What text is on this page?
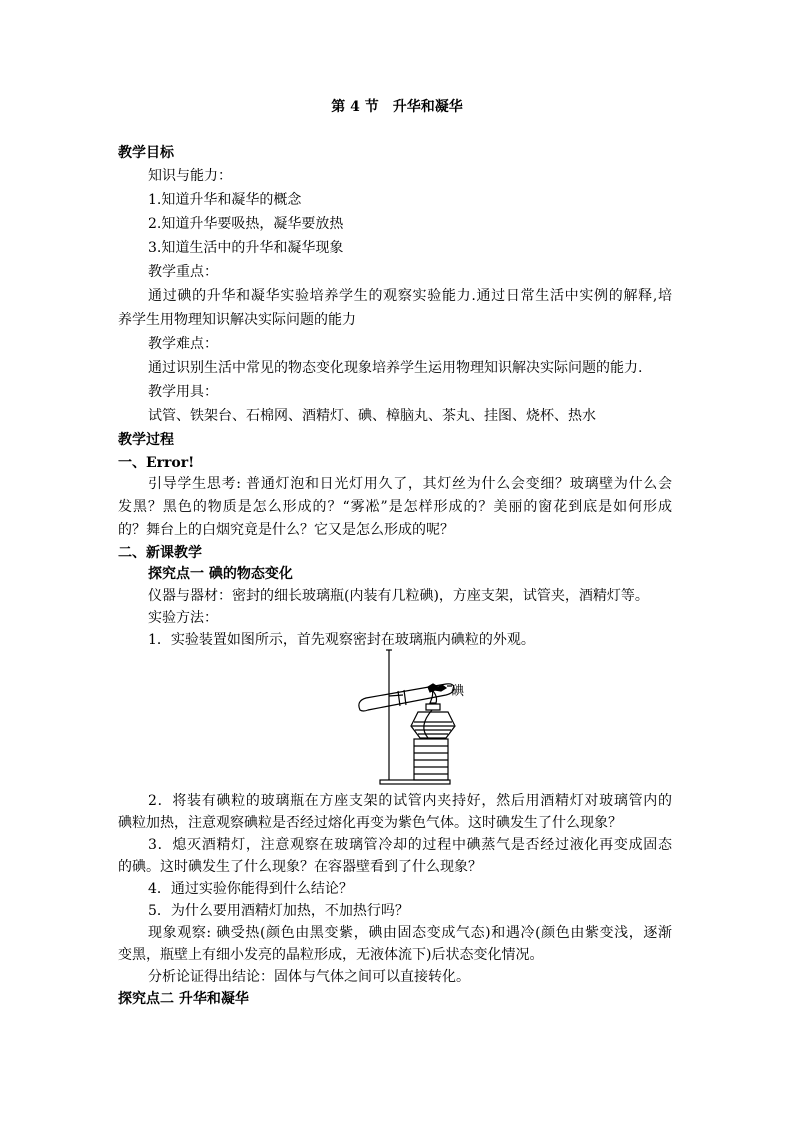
第 4 节　升华和凝华
教学目标
知识与能力：
1.知道升华和凝华的概念
2.知道升华要吸热，凝华要放热
3.知道生活中的升华和凝华现象
教学重点：
通过碘的升华和凝华实验培养学生的观察实验能力.通过日常生活中实例的解释,培
养学生用物理知识解决实际问题的能力
教学难点：
通过识别生活中常见的物态变化现象培养学生运用物理知识解决实际问题的能力.
教学用具：
试管、铁架台、石棉网、酒精灯、碘、樟脑丸、茶丸、挂图、烧杯、热水
教学过程
一、Error!
引导学生思考: 普通灯泡和日光灯用久了，其灯丝为什么会变细？玻璃壁为什么会
发黑？黑色的物质是怎么形成的？“雾凇”是怎样形成的？美丽的窗花到底是如何形成
的？舞台上的白烟究竟是什么？它又是怎么形成的呢？
二、新课教学
探究点一 碘的物态变化
仪器与器材：密封的细长玻璃瓶(内装有几粒碘)，方座支架，试管夹，酒精灯等。
实验方法：
1．实验装置如图所示，首先观察密封在玻璃瓶内碘粒的外观。
碘
2．将装有碘粒的玻璃瓶在方座支架的试管内夹持好，然后用酒精灯对玻璃管内的
碘粒加热，注意观察碘粒是否经过熔化再变为紫色气体。这时碘发生了什么现象？
3．熄灭酒精灯，注意观察在玻璃管冷却的过程中碘蒸气是否经过液化再变成固态
的碘。这时碘发生了什么现象？在容器壁看到了什么现象？
4．通过实验你能得到什么结论？
5．为什么要用酒精灯加热，不加热行吗？
现象观察: 碘受热(颜色由黑变紫，碘由固态变成气态)和遇冷(颜色由紫变浅，逐渐
变黑，瓶壁上有细小发亮的晶粒形成，无液体流下)后状态变化情况。
分析论证得出结论：固体与气体之间可以直接转化。
探究点二 升华和凝华
